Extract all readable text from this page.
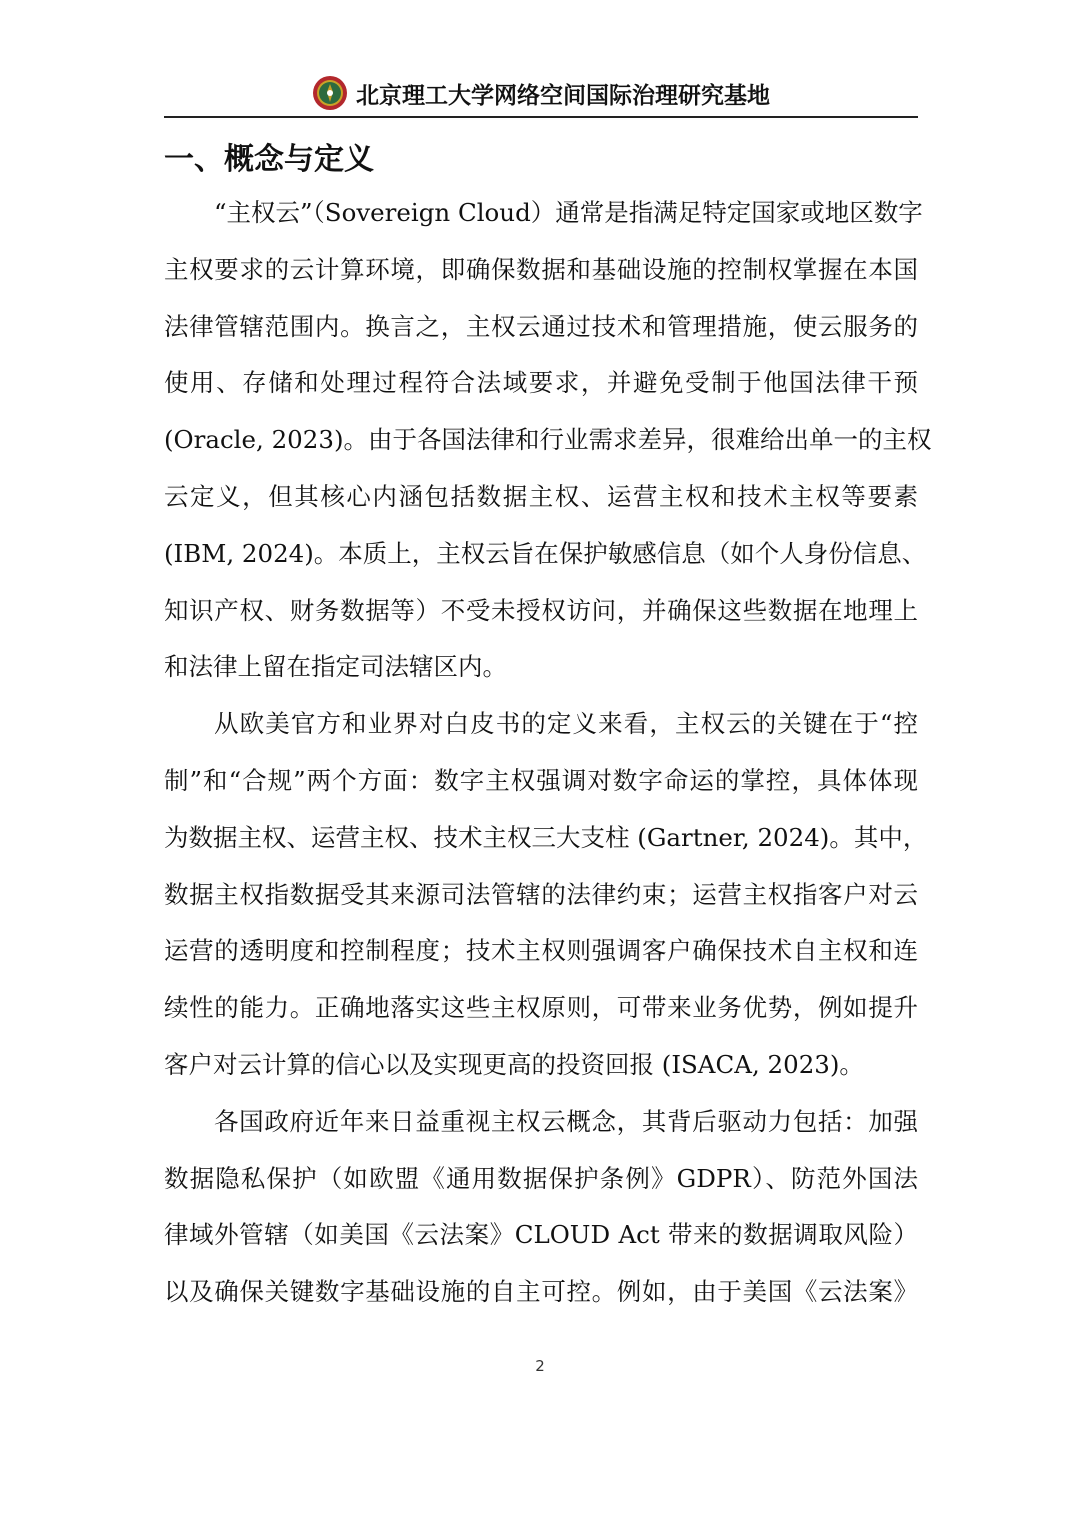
北京理工大学网络空间国际治理研究基地
一、概念与定义
“主权云”（Sovereign Cloud）通常是指满足特定国家或地区数字
主权要求的云计算环境，即确保数据和基础设施的控制权掌握在本国
法律管辖范围内。换言之，主权云通过技术和管理措施，使云服务的
使用、存储和处理过程符合法域要求，并避免受制于他国法律干预
(Oracle, 2023)。由于各国法律和行业需求差异，很难给出单一的主权
云定义，但其核心内涵包括数据主权、运营主权和技术主权等要素
(IBM, 2024)。本质上，主权云旨在保护敏感信息（如个人身份信息、
知识产权、财务数据等）不受未授权访问，并确保这些数据在地理上
和法律上留在指定司法辖区内。
从欧美官方和业界对白皮书的定义来看，主权云的关键在于“控
制”和“合规”两个方面：数字主权强调对数字命运的掌控，具体体现
为数据主权、运营主权、技术主权三大支柱 (Gartner, 2024)。其中，
数据主权指数据受其来源司法管辖的法律约束；运营主权指客户对云
运营的透明度和控制程度；技术主权则强调客户确保技术自主权和连
续性的能力。正确地落实这些主权原则，可带来业务优势，例如提升
客户对云计算的信心以及实现更高的投资回报 (ISACA, 2023)。
各国政府近年来日益重视主权云概念，其背后驱动力包括：加强
数据隐私保护（如欧盟《通用数据保护条例》GDPR）、防范外国法
律域外管辖（如美国《云法案》CLOUD Act 带来的数据调取风险）
以及确保关键数字基础设施的自主可控。例如，由于美国《云法案》
2
